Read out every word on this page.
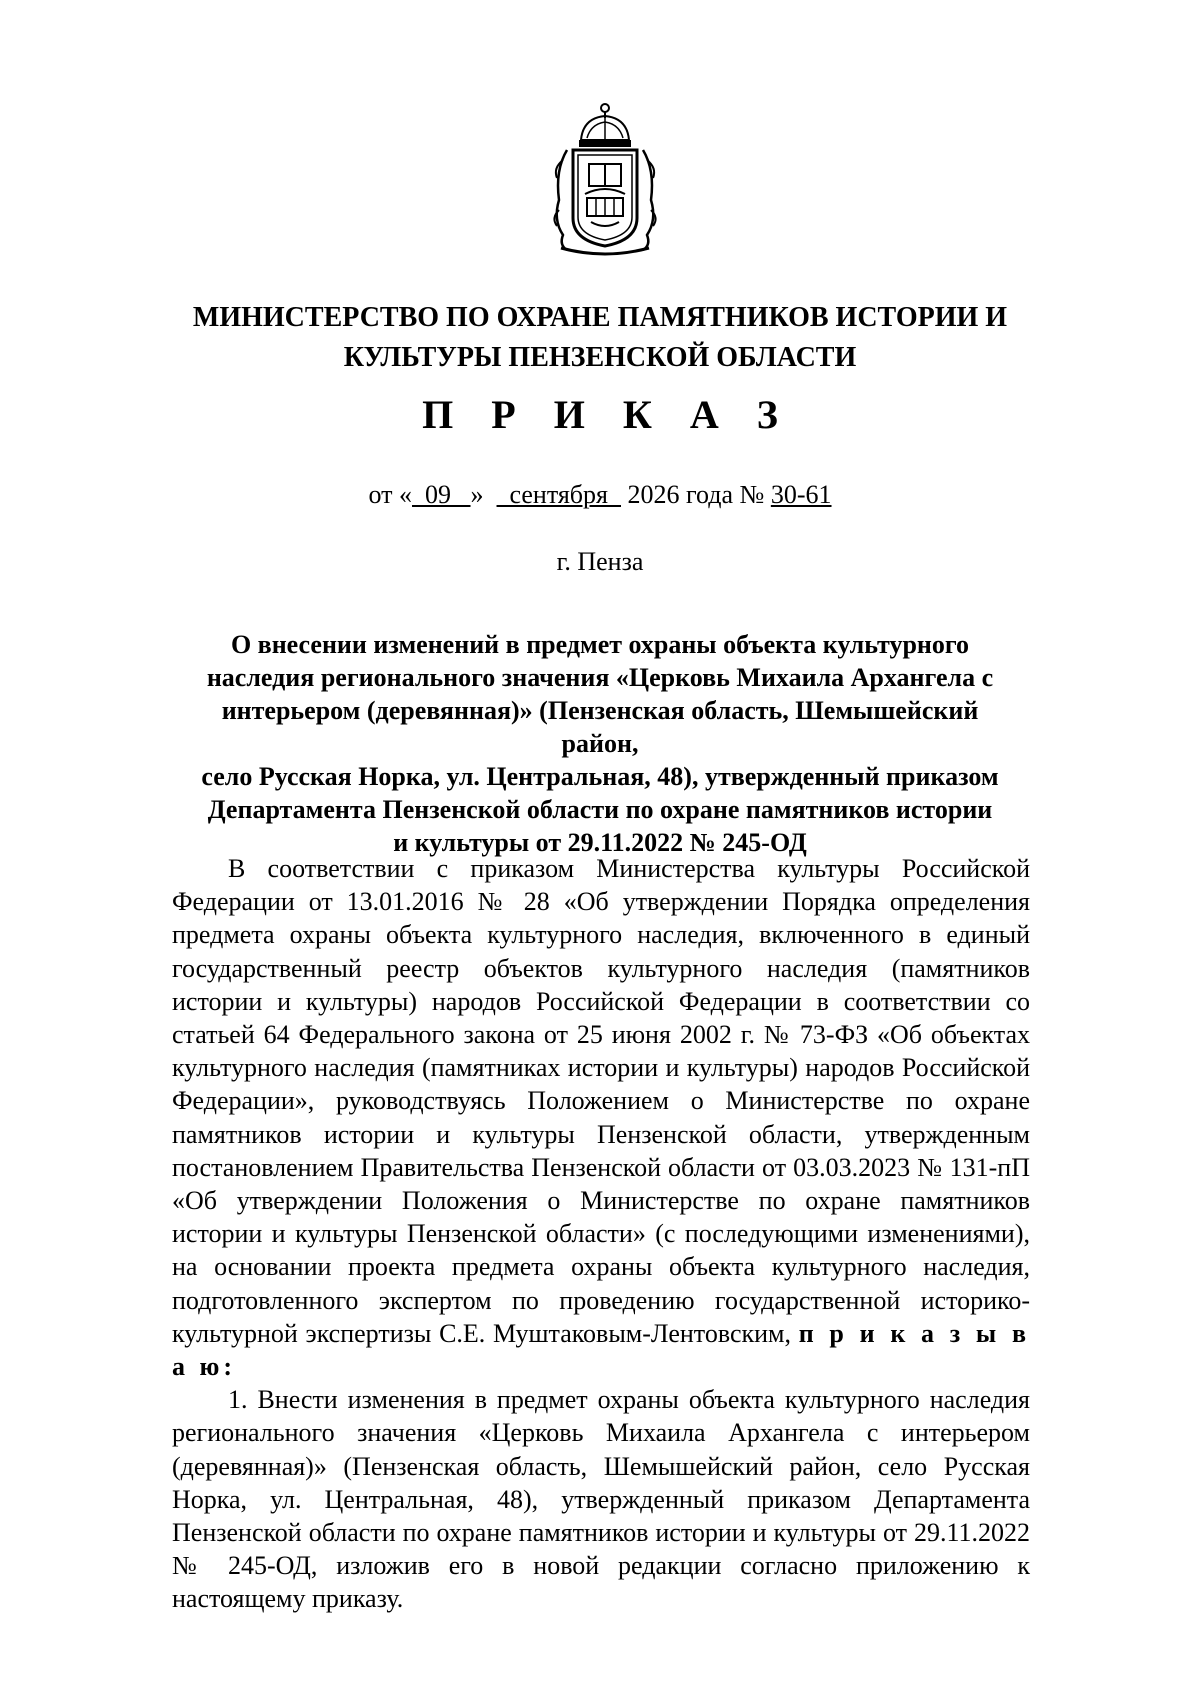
МИНИСТЕРСТВО ПО ОХРАНЕ ПАМЯТНИКОВ ИСТОРИИ И
КУЛЬТУРЫ ПЕНЗЕНСКОЙ ОБЛАСТИ
П Р И К А З
от «  09   »    сентября   2026 года № 30-61
г. Пенза
О внесении изменений в предмет охраны объекта культурного
наследия регионального значения «Церковь Михаила Архангела с
интерьером (деревянная)» (Пензенская область, Шемышейский район,
село Русская Норка, ул. Центральная, 48), утвержденный приказом
Департамента Пензенской области по охране памятников истории
и культуры от 29.11.2022 № 245-ОД

В соответствии с приказом Министерства культуры Российской Федерации от 13.01.2016 № 28 «Об утверждении Порядка определения предмета охраны объекта культурного наследия, включенного в единый государственный реестр объектов культурного наследия (памятников истории и культуры) народов Российской Федерации в соответствии со статьей 64 Федерального закона от 25 июня 2002 г. № 73-ФЗ «Об объектах культурного наследия (памятниках истории и культуры) народов Российской Федерации», руководствуясь Положением о Министерстве по охране памятников истории и культуры Пензенской области, утвержденным постановлением Правительства Пензенской области от 03.03.2023 № 131-пП «Об утверждении Положения о Министерстве по охране памятников истории и культуры Пензенской области» (с последующими изменениями), на основании проекта предмета охраны объекта культурного наследия, подготовленного экспертом по проведению государственной историко-культурной экспертизы С.Е. Муштаковым-Лентовским, п р и к а з ы в а ю:

1. Внести изменения в предмет охраны объекта культурного наследия регионального значения «Церковь Михаила Архангела с интерьером (деревянная)» (Пензенская область, Шемышейский район, село Русская Норка, ул. Центральная, 48), утвержденный приказом Департамента Пензенской области по охране памятников истории и культуры от 29.11.2022 № 245-ОД, изложив его в новой редакции согласно приложению к настоящему приказу.
